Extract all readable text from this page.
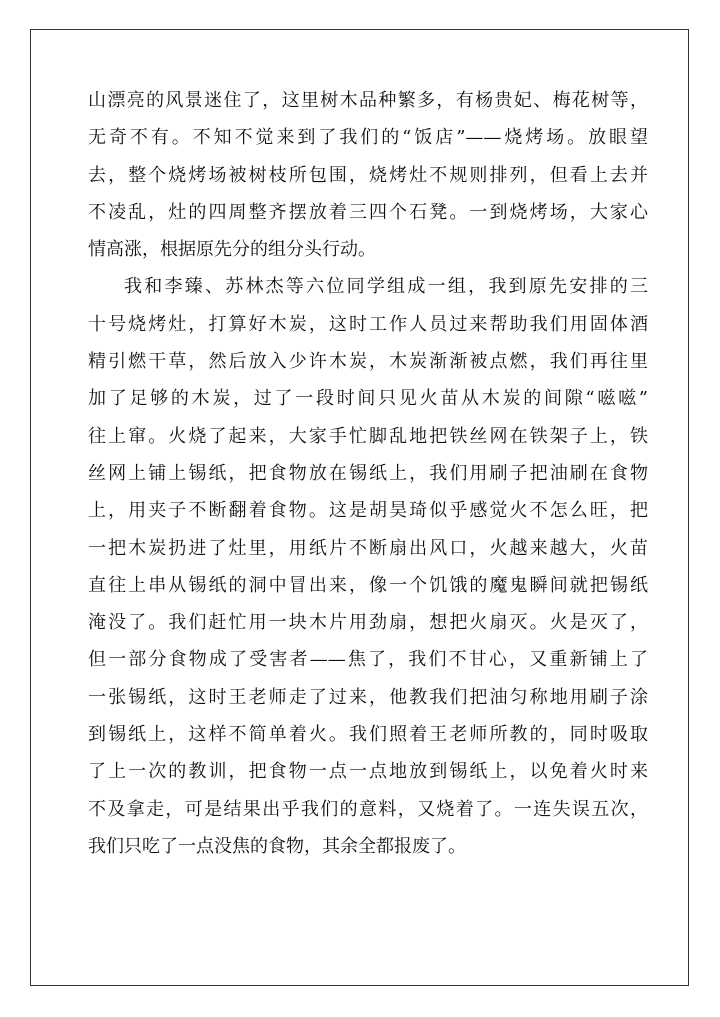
山漂亮的风景迷住了，这里树木品种繁多，有杨贵妃、梅花树等，
无奇不有。不知不觉来到了我们的“饭店”——烧烤场。放眼望
去，整个烧烤场被树枝所包围，烧烤灶不规则排列，但看上去并
不凌乱，灶的四周整齐摆放着三四个石凳。一到烧烤场，大家心
情高涨，根据原先分的组分头行动。
我和李臻、苏林杰等六位同学组成一组，我到原先安排的三
十号烧烤灶，打算好木炭，这时工作人员过来帮助我们用固体酒
精引燃干草，然后放入少许木炭，木炭渐渐被点燃，我们再往里
加了足够的木炭，过了一段时间只见火苗从木炭的间隙“嗞嗞”
往上窜。火烧了起来，大家手忙脚乱地把铁丝网在铁架子上，铁
丝网上铺上锡纸，把食物放在锡纸上，我们用刷子把油刷在食物
上，用夹子不断翻着食物。这是胡昊琦似乎感觉火不怎么旺，把
一把木炭扔进了灶里，用纸片不断扇出风口，火越来越大，火苗
直往上串从锡纸的洞中冒出来，像一个饥饿的魔鬼瞬间就把锡纸
淹没了。我们赶忙用一块木片用劲扇，想把火扇灭。火是灭了，
但一部分食物成了受害者——焦了，我们不甘心，又重新铺上了
一张锡纸，这时王老师走了过来，他教我们把油匀称地用刷子涂
到锡纸上，这样不简单着火。我们照着王老师所教的，同时吸取
了上一次的教训，把食物一点一点地放到锡纸上，以免着火时来
不及拿走，可是结果出乎我们的意料，又烧着了。一连失误五次，
我们只吃了一点没焦的食物，其余全都报废了。
